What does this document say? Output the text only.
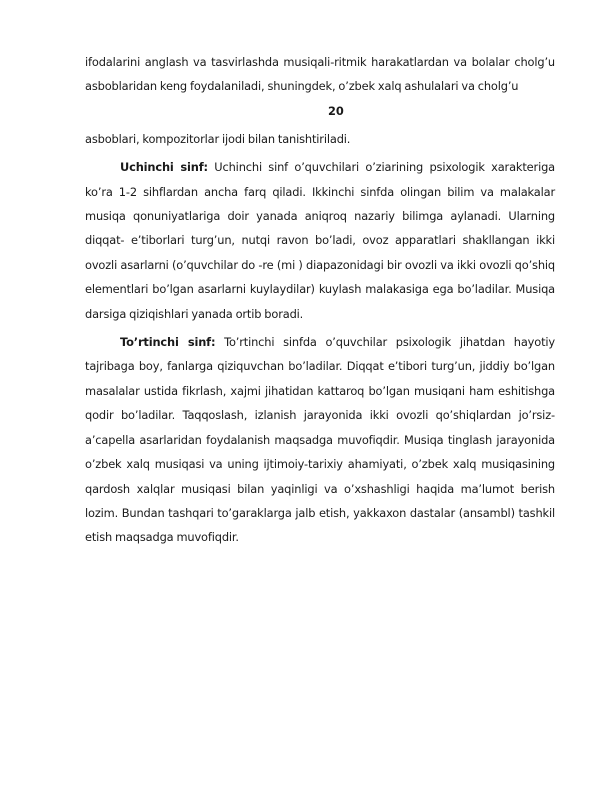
ifodalarini anglash va tasvirlashda musiqali-ritmik harakatlardan va bolalar cholg’u

asboblaridan keng foydalaniladi, shuningdek, o’zbek xalq ashulalari va cholg’u

20

asboblari, kompozitorlar ijodi bilan tanishtiriladi.

Uchinchi sinf: Uchinchi sinf o’quvchilari o’ziarining psixologik xarakteriga ko’ra 1-2 sihflardan ancha farq qiladi. Ikkinchi sinfda olingan bilim va malakalar musiqa qonuniyatlariga doir yanada aniqroq nazariy bilimga aylanadi. Ularning diqqat- e’tiborlari turg’un, nutqi ravon bo’ladi, ovoz apparatlari shakllangan ikki ovozli asarlarni (o’quvchilar do -re (mi ) diapazonidagi bir ovozli va ikki ovozli qo’shiq elementlari bo’lgan asarlarni kuylaydilar) kuylash malakasiga ega bo’ladilar. Musiqa darsiga qiziqishlari yanada ortib boradi.

To’rtinchi sinf: To’rtinchi sinfda o’quvchilar psixologik jihatdan hayotiy tajribaga boy, fanlarga qiziquvchan bo’ladilar. Diqqat e’tibori turg’un, jiddiy bo’lgan masalalar ustida fikrlash, xajmi jihatidan kattaroq bo’lgan musiqani ham eshitishga qodir bo’ladilar. Taqqoslash, izlanish jarayonida ikki ovozli qo’shiqlardan jo’rsiz-a’capella asarlaridan foydalanish maqsadga muvofiqdir. Musiqa tinglash jarayonida o’zbek xalq musiqasi va uning ijtimoiy-tarixiy ahamiyati, o’zbek xalq musiqasining qardosh xalqlar musiqasi bilan yaqinligi va o’xshashligi haqida ma’lumot berish lozim. Bundan tashqari to’garaklarga jalb etish, yakkaxon dastalar (ansambl) tashkil etish maqsadga muvofiqdir.
